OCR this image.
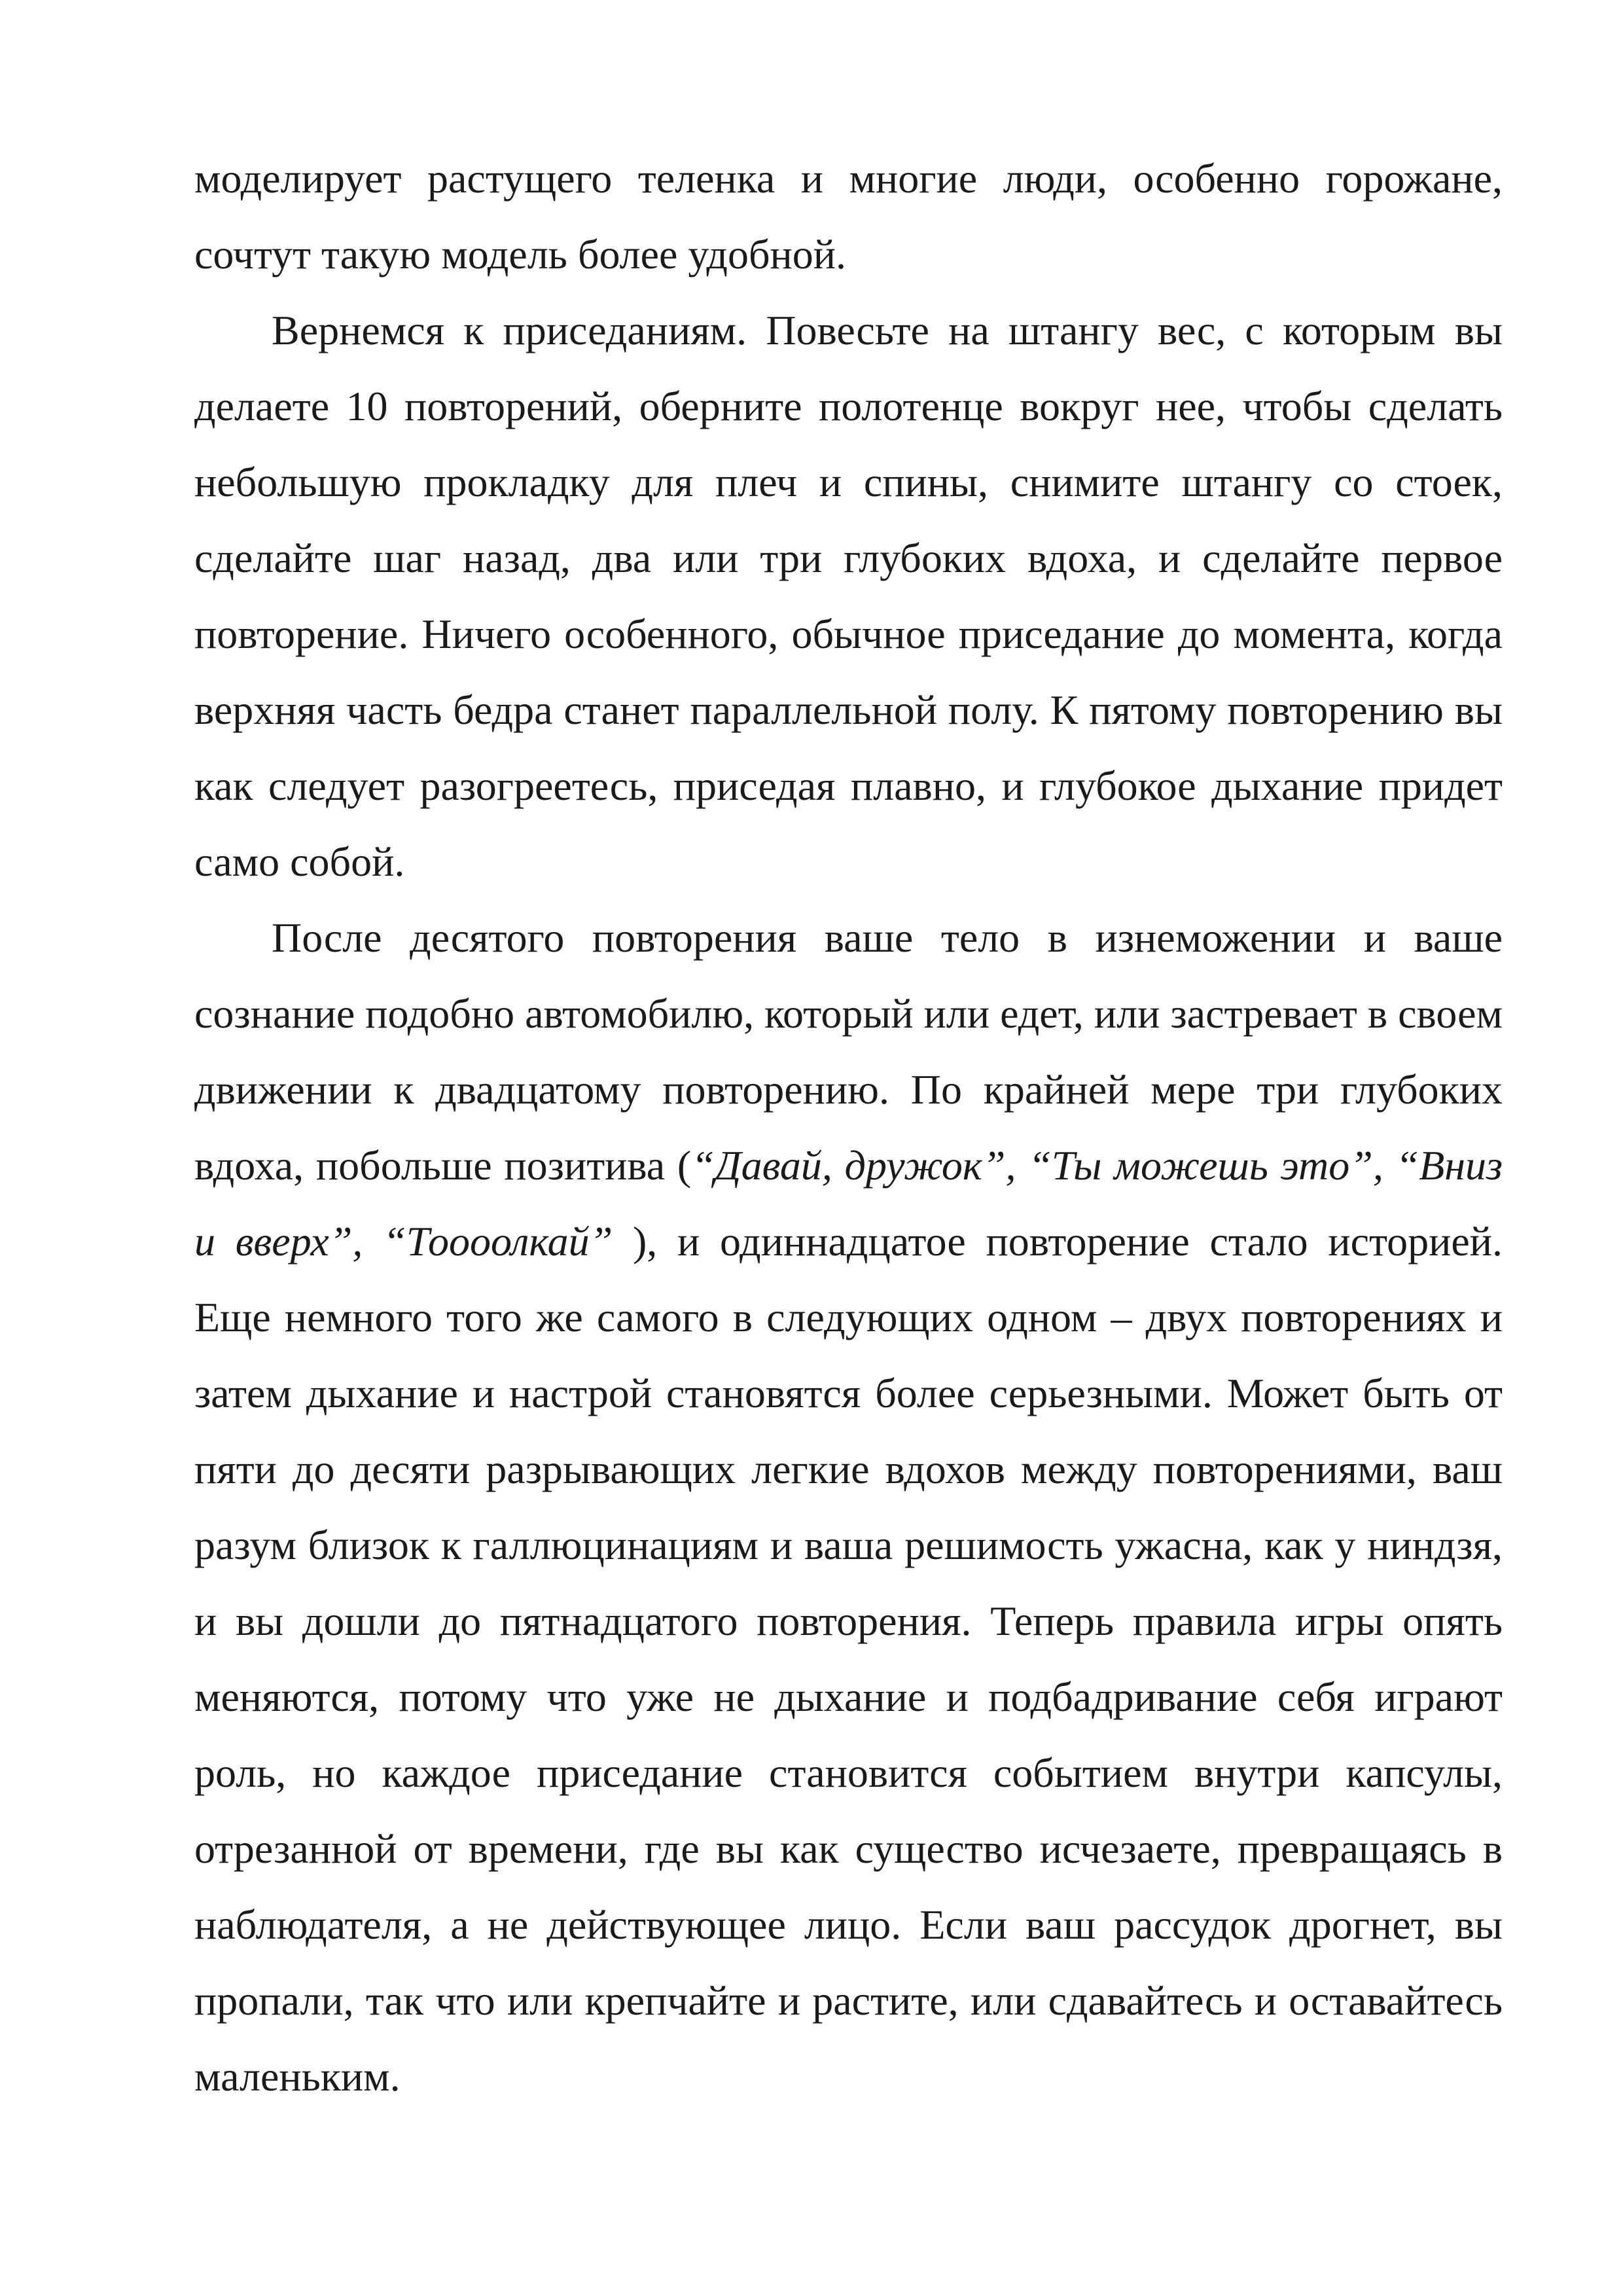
моделирует растущего теленка и многие люди, особенно горожане, сочтут такую модель более удобной.

Вернемся к приседаниям. Повесьте на штангу вес, с которым вы делаете 10 повторений, оберните полотенце вокруг нее, чтобы сделать небольшую прокладку для плеч и спины, снимите штангу со стоек, сделайте шаг назад, два или три глубоких вдоха, и сделайте первое повторение. Ничего особенного, обычное приседание до момента, когда верхняя часть бедра станет параллельной полу. К пятому повторению вы как следует разогреетесь, приседая плавно, и глубокое дыхание придет само собой.

После десятого повторения ваше тело в изнеможении и ваше сознание подобно автомобилю, который или едет, или застревает в своем движении к двадцатому повторению. По крайней мере три глубоких вдоха, побольше позитива (“Давай, дружок”, “Ты можешь это”, “Вниз и вверх”, “Тоооолкай” ), и одиннадцатое повторение стало историей. Еще немного того же самого в следующих одном – двух повторениях и затем дыхание и настрой становятся более серьезными. Может быть от пяти до десяти разрывающих легкие вдохов между повторениями, ваш разум близок к галлюцинациям и ваша решимость ужасна, как у ниндзя, и вы дошли до пятнадцатого повторения. Теперь правила игры опять меняются, потому что уже не дыхание и подбадривание себя играют роль, но каждое приседание становится событием внутри капсулы, отрезанной от времени, где вы как существо исчезаете, превращаясь в наблюдателя, а не действующее лицо. Если ваш рассудок дрогнет, вы пропали, так что или крепчайте и растите, или сдавайтесь и оставайтесь маленьким.
